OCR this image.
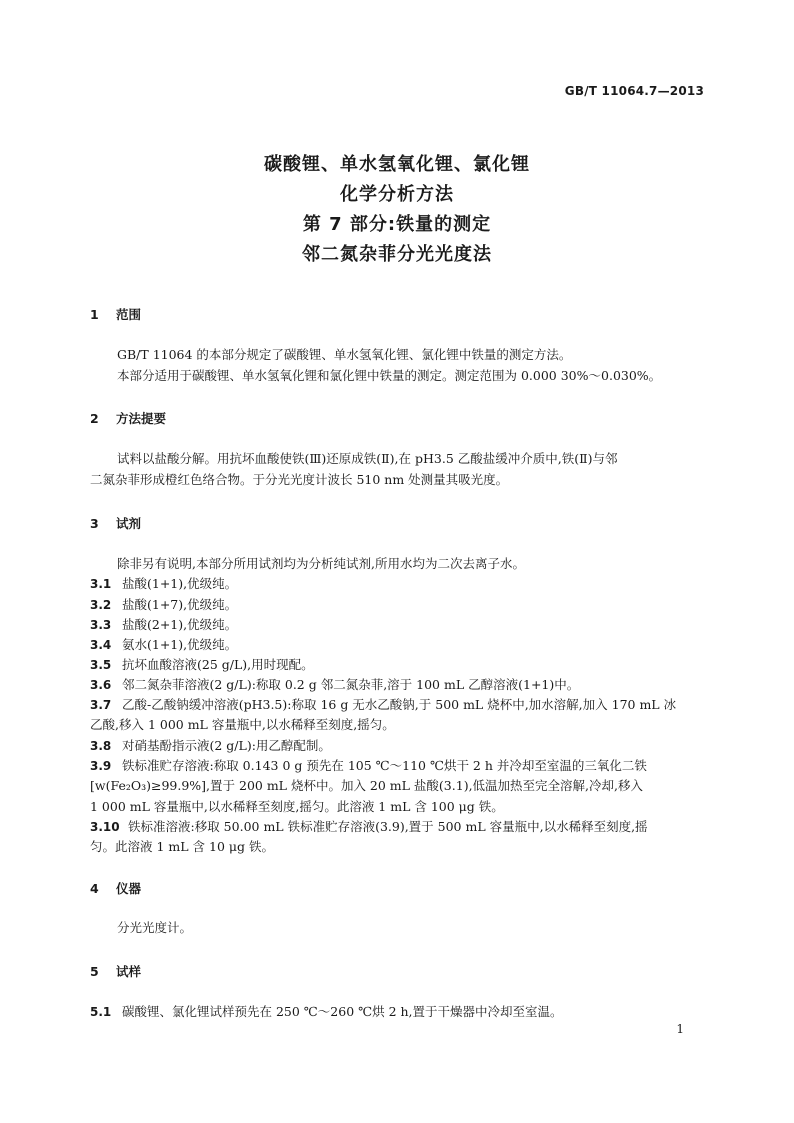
GB/T 11064.7—2013
碳酸锂、单水氢氧化锂、氯化锂
化学分析方法
第 7 部分:铁量的测定
邻二氮杂菲分光光度法
1 范围
GB/T 11064 的本部分规定了碳酸锂、单水氢氧化锂、氯化锂中铁量的测定方法。
本部分适用于碳酸锂、单水氢氧化锂和氯化锂中铁量的测定。测定范围为 0.000 30%～0.030%。
2 方法提要
试料以盐酸分解。用抗坏血酸使铁(Ⅲ)还原成铁(Ⅱ),在 pH3.5 乙酸盐缓冲介质中,铁(Ⅱ)与邻
二氮杂菲形成橙红色络合物。于分光光度计波长 510 nm 处测量其吸光度。
3 试剂
除非另有说明,本部分所用试剂均为分析纯试剂,所用水均为二次去离子水。
3.1 盐酸(1+1),优级纯。
3.2 盐酸(1+7),优级纯。
3.3 盐酸(2+1),优级纯。
3.4 氨水(1+1),优级纯。
3.5 抗坏血酸溶液(25 g/L),用时现配。
3.6 邻二氮杂菲溶液(2 g/L):称取 0.2 g 邻二氮杂菲,溶于 100 mL 乙醇溶液(1+1)中。
3.7 乙酸-乙酸钠缓冲溶液(pH3.5):称取 16 g 无水乙酸钠,于 500 mL 烧杯中,加水溶解,加入 170 mL 冰
乙酸,移入 1 000 mL 容量瓶中,以水稀释至刻度,摇匀。
3.8 对硝基酚指示液(2 g/L):用乙醇配制。
3.9 铁标准贮存溶液:称取 0.143 0 g 预先在 105 ℃～110 ℃烘干 2 h 并冷却至室温的三氧化二铁
[w(Fe₂O₃)≥99.9%],置于 200 mL 烧杯中。加入 20 mL 盐酸(3.1),低温加热至完全溶解,冷却,移入
1 000 mL 容量瓶中,以水稀释至刻度,摇匀。此溶液 1 mL 含 100 μg 铁。
3.10 铁标准溶液:移取 50.00 mL 铁标准贮存溶液(3.9),置于 500 mL 容量瓶中,以水稀释至刻度,摇
匀。此溶液 1 mL 含 10 μg 铁。
4 仪器
分光光度计。
5 试样
5.1 碳酸锂、氯化锂试样预先在 250 ℃～260 ℃烘 2 h,置于干燥器中冷却至室温。
1
